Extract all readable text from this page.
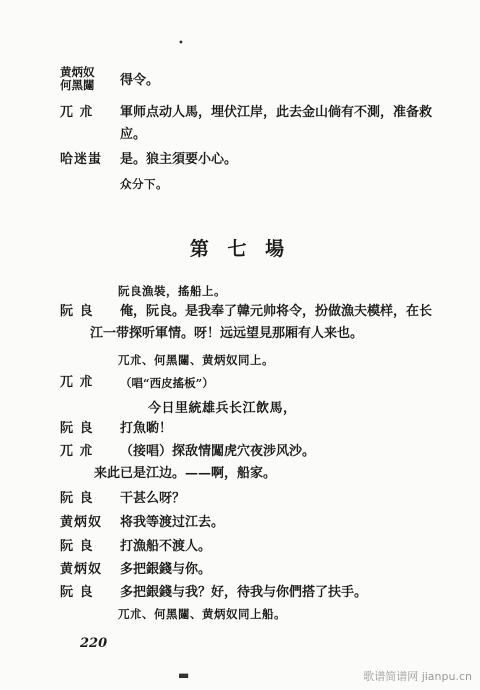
•
黄炳奴
何黑闥	得令。
兀 朮	軍师点动人馬，埋伏江岸，此去金山倘有不測，准备救
应。
哈迷蚩	是。狼主須要小心。
众分下。
第 七 場
阮良漁裝，搖船上。
阮 良	俺，阮良。是我奉了韓元帅将令，扮做漁夫模样，在长
江一带探听軍情。呀！远远望見那厢有人来也。
兀朮、何黑闥、黄炳奴同上。
兀 朮	（唱“西皮搖板”）
今日里統雄兵长江飲馬，
阮 良	打魚喲！
兀 朮	（接唱）探敌情闖虎穴夜涉风沙。
来此已是江边。——啊，船家。
阮 良	干甚么呀？
黄炳奴	将我等渡过江去。
阮 良	打漁船不渡人。
黄炳奴	多把銀錢与你。
阮 良	多把銀錢与我？好，待我与你們搭了扶手。
兀朮、何黑闥、黄炳奴同上船。
220
▬	歌谱简谱网 jianpu.cn
